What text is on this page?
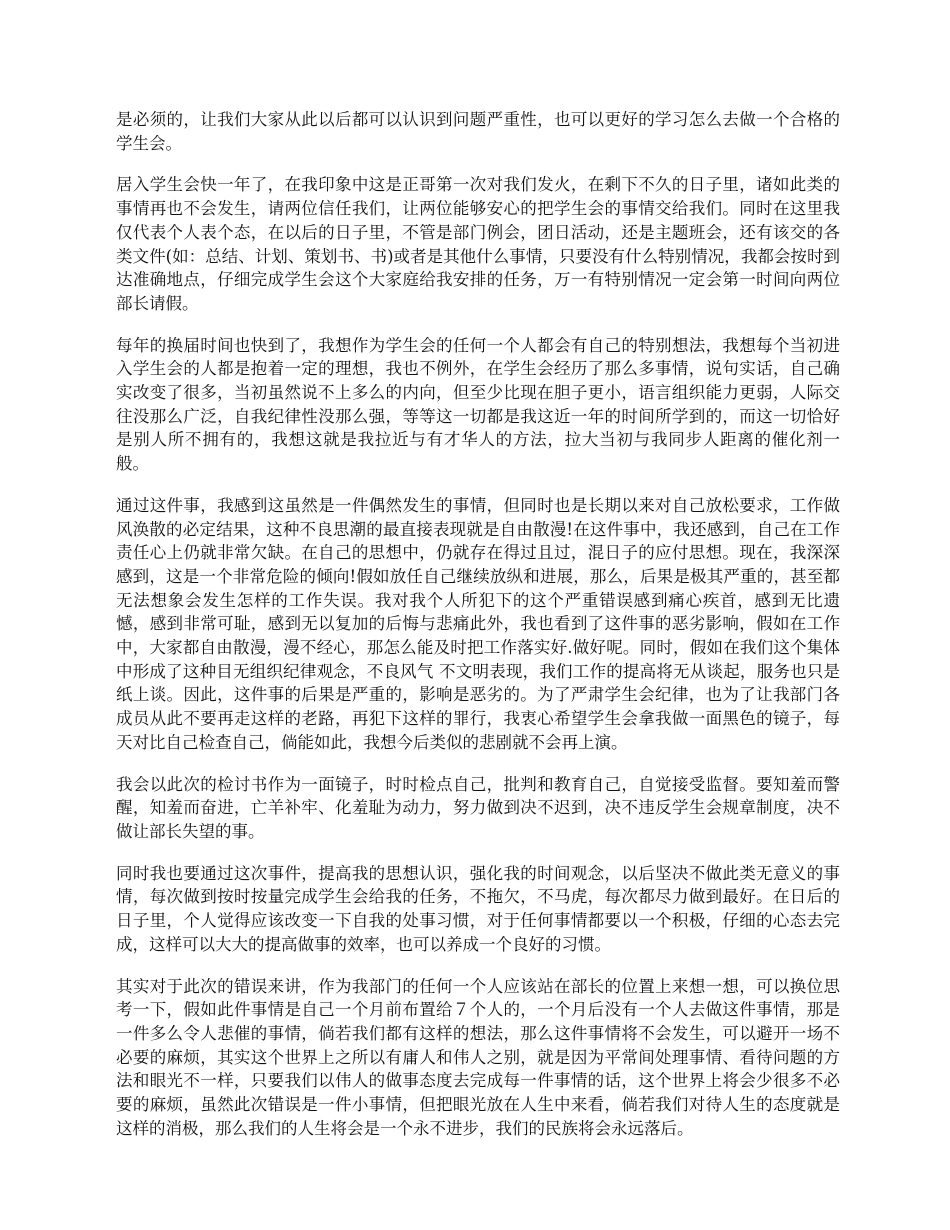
是必须的，让我们大家从此以后都可以认识到问题严重性，也可以更好的学习怎么去做一个合格的学生会。

居入学生会快一年了，在我印象中这是正哥第一次对我们发火，在剩下不久的日子里，诸如此类的事情再也不会发生，请两位信任我们，让两位能够安心的把学生会的事情交给我们。同时在这里我仅代表个人表个态，在以后的日子里，不管是部门例会，团日活动，还是主题班会，还有该交的各类文件(如：总结、计划、策划书、书)或者是其他什么事情，只要没有什么特别情况，我都会按时到达准确地点，仔细完成学生会这个大家庭给我安排的任务，万一有特别情况一定会第一时间向两位部长请假。

每年的换届时间也快到了，我想作为学生会的任何一个人都会有自己的特别想法，我想每个当初进入学生会的人都是抱着一定的理想，我也不例外，在学生会经历了那么多事情，说句实话，自己确实改变了很多，当初虽然说不上多么的内向，但至少比现在胆子更小，语言组织能力更弱，人际交往没那么广泛，自我纪律性没那么强，等等这一切都是我这近一年的时间所学到的，而这一切恰好是别人所不拥有的，我想这就是我拉近与有才华人的方法，拉大当初与我同步人距离的催化剂一般。

通过这件事，我感到这虽然是一件偶然发生的事情，但同时也是长期以来对自己放松要求，工作做风涣散的必定结果，这种不良思潮的最直接表现就是自由散漫!在这件事中，我还感到，自己在工作责任心上仍就非常欠缺。在自己的思想中，仍就存在得过且过，混日子的应付思想。现在，我深深感到，这是一个非常危险的倾向!假如放任自己继续放纵和进展，那么，后果是极其严重的，甚至都无法想象会发生怎样的工作失误。我对我个人所犯下的这个严重错误感到痛心疾首，感到无比遗憾，感到非常可耻，感到无以复加的后悔与悲痛此外，我也看到了这件事的恶劣影响，假如在工作中，大家都自由散漫，漫不经心，那怎么能及时把工作落实好.做好呢。同时，假如在我们这个集体中形成了这种目无组织纪律观念，不良风气 不文明表现，我们工作的提高将无从谈起，服务也只是纸上谈。因此，这件事的后果是严重的，影响是恶劣的。为了严肃学生会纪律，也为了让我部门各成员从此不要再走这样的老路，再犯下这样的罪行，我衷心希望学生会拿我做一面黑色的镜子，每天对比自己检查自己，倘能如此，我想今后类似的悲剧就不会再上演。

我会以此次的检讨书作为一面镜子，时时检点自己，批判和教育自己，自觉接受监督。要知羞而警醒，知羞而奋进，亡羊补牢、化羞耻为动力，努力做到决不迟到，决不违反学生会规章制度，决不做让部长失望的事。

同时我也要通过这次事件，提高我的思想认识，强化我的时间观念，以后坚决不做此类无意义的事情，每次做到按时按量完成学生会给我的任务，不拖欠，不马虎，每次都尽力做到最好。在日后的日子里，个人觉得应该改变一下自我的处事习惯，对于任何事情都要以一个积极，仔细的心态去完成，这样可以大大的提高做事的效率，也可以养成一个良好的习惯。

其实对于此次的错误来讲，作为我部门的任何一个人应该站在部长的位置上来想一想，可以换位思考一下，假如此件事情是自己一个月前布置给７个人的，一个月后没有一个人去做这件事情，那是一件多么令人悲催的事情，倘若我们都有这样的想法，那么这件事情将不会发生，可以避开一场不必要的麻烦，其实这个世界上之所以有庸人和伟人之别，就是因为平常间处理事情、看待问题的方法和眼光不一样，只要我们以伟人的做事态度去完成每一件事情的话，这个世界上将会少很多不必要的麻烦，虽然此次错误是一件小事情，但把眼光放在人生中来看，倘若我们对待人生的态度就是这样的消极，那么我们的人生将会是一个永不进步，我们的民族将会永远落后。
